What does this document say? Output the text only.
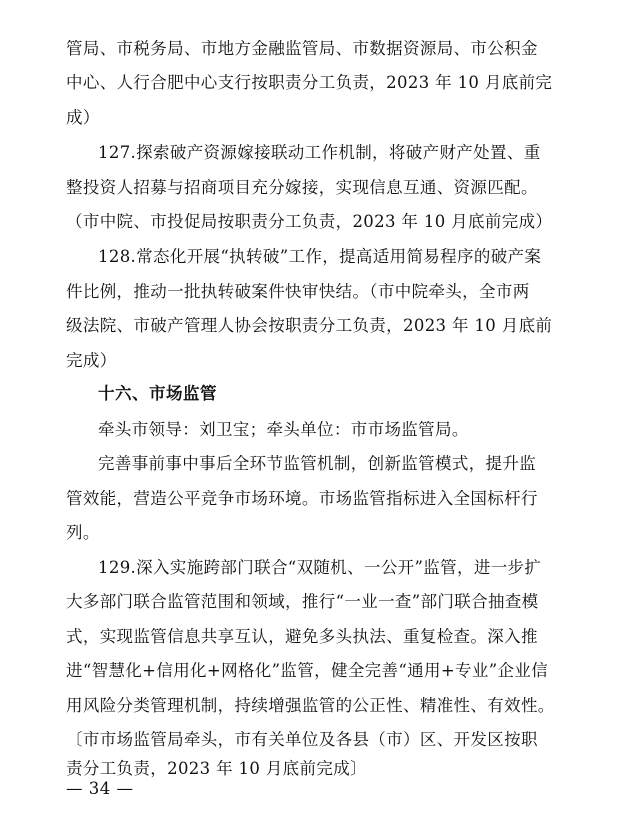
管局、市税务局、市地方金融监管局、市数据资源局、市公积金
中心、人行合肥中心支行按职责分工负责，2023 年 10 月底前完
成）
127.探索破产资源嫁接联动工作机制，将破产财产处置、重
整投资人招募与招商项目充分嫁接，实现信息互通、资源匹配。
（市中院、市投促局按职责分工负责，2023 年 10 月底前完成）
128.常态化开展“执转破”工作，提高适用简易程序的破产案
件比例，推动一批执转破案件快审快结。（市中院牵头，全市两
级法院、市破产管理人协会按职责分工负责，2023 年 10 月底前
完成）
十六、市场监管
牵头市领导：刘卫宝；牵头单位：市市场监管局。
完善事前事中事后全环节监管机制，创新监管模式，提升监
管效能，营造公平竞争市场环境。市场监管指标进入全国标杆行
列。
129.深入实施跨部门联合“双随机、一公开”监管，进一步扩
大多部门联合监管范围和领域，推行“一业一查”部门联合抽查模
式，实现监管信息共享互认，避免多头执法、重复检查。深入推
进“智慧化+信用化+网格化”监管，健全完善“通用+专业”企业信
用风险分类管理机制，持续增强监管的公正性、精准性、有效性。
〔市市场监管局牵头，市有关单位及各县（市）区、开发区按职
责分工负责，2023 年 10 月底前完成〕
— 34 —
